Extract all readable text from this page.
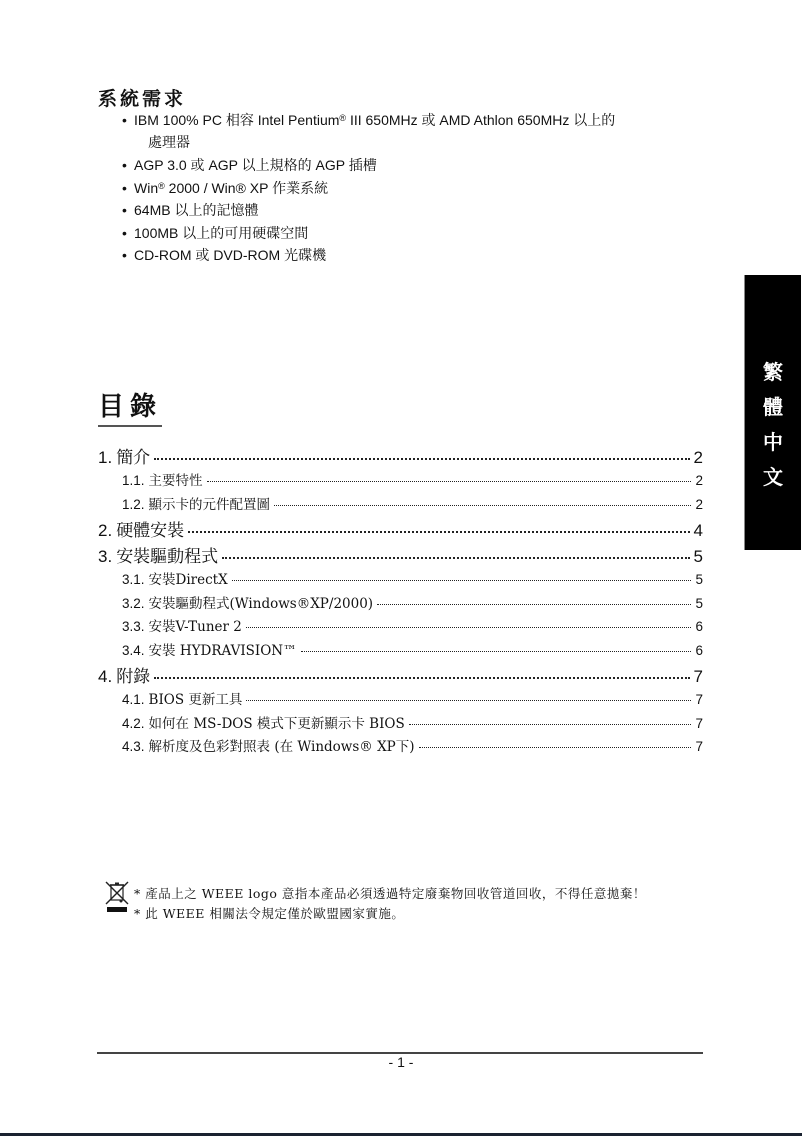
系統需求
• IBM 100% PC 相容 Intel Pentium® III 650MHz 或 AMD Athlon 650MHz 以上的
處理器
• AGP 3.0 或 AGP 以上規格的 AGP 插槽
• Win® 2000 / Win® XP 作業系統
• 64MB 以上的記憶體
• 100MB 以上的可用硬碟空間
• CD-ROM 或 DVD-ROM 光碟機
繁
體
中
文
目錄
1. 簡介	2
1.1. 主要特性	2
1.2. 顯示卡的元件配置圖	2
2. 硬體安裝	4
3. 安裝驅動程式	5
3.1. 安裝DirectX	5
3.2. 安裝驅動程式(Windows®XP/2000)	5
3.3. 安裝V-Tuner 2	6
3.4. 安裝 HYDRAVISION™	6
4. 附錄	7
4.1. BIOS 更新工具	7
4.2. 如何在 MS-DOS 模式下更新顯示卡 BIOS	7
4.3. 解析度及色彩對照表 (在 Windows® XP下)	7
* 產品上之 WEEE logo 意指本產品必須透過特定廢棄物回收管道回收，不得任意拋棄！
* 此 WEEE 相關法令規定僅於歐盟國家實施。
- 1 -
